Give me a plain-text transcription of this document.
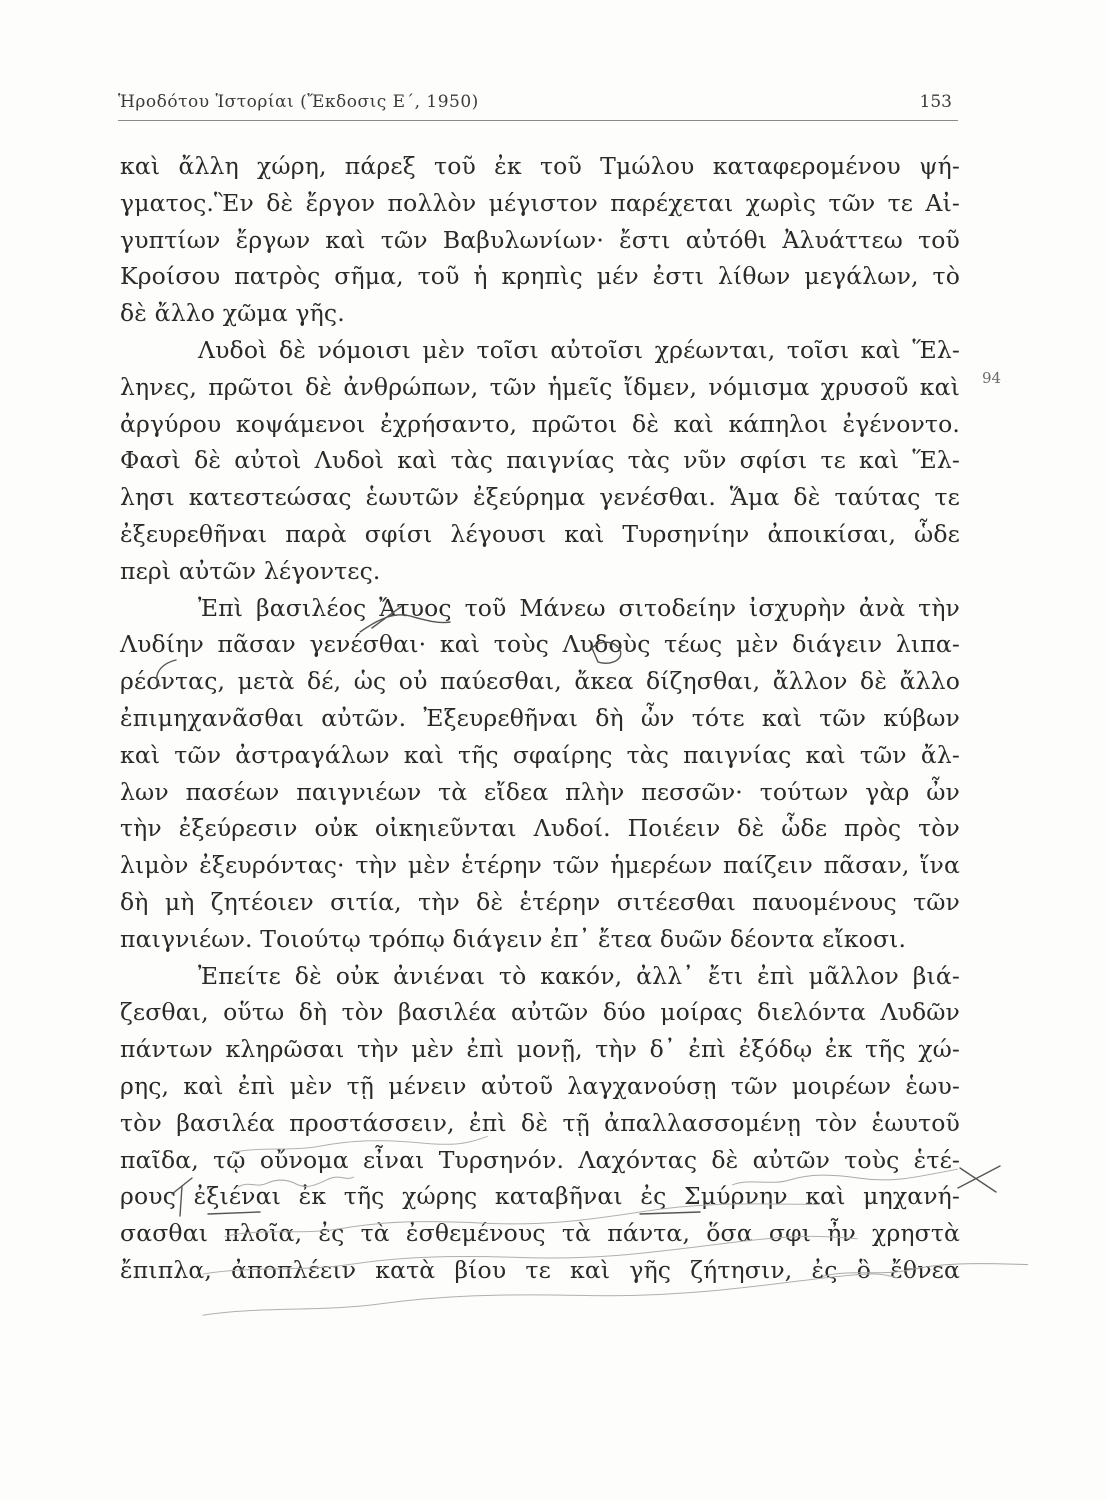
Ἡροδότου Ἱστορίαι (Ἔκδοσις Ε΄, 1950)	153
καὶ ἄλλη χώρη, πάρεξ τοῦ ἐκ τοῦ Τμώλου καταφερομένου ψή-
γματος.Ἓν δὲ ἔργον πολλὸν μέγιστον παρέχεται χωρὶς τῶν τε Αἰ-
γυπτίων ἔργων καὶ τῶν Βαβυλωνίων· ἔστι αὐτόθι Ἀλυάττεω τοῦ
Κροίσου πατρὸς σῆμα, τοῦ ἡ κρηπὶς μέν ἐστι λίθων μεγάλων, τὸ
δὲ ἄλλο χῶμα γῆς.
Λυδοὶ δὲ νόμοισι μὲν τοῖσι αὐτοῖσι χρέωνται, τοῖσι καὶ Ἕλ-
ληνες, πρῶτοι δὲ ἀνθρώπων, τῶν ἡμεῖς ἴδμεν, νόμισμα χρυσοῦ καὶ
ἀργύρου κοψάμενοι ἐχρήσαντο, πρῶτοι δὲ καὶ κάπηλοι ἐγένοντο.
Φασὶ δὲ αὐτοὶ Λυδοὶ καὶ τὰς παιγνίας τὰς νῦν σφίσι τε καὶ Ἕλ-
λησι κατεστεώσας ἑωυτῶν ἐξεύρημα γενέσθαι. Ἅμα δὲ ταύτας τε
ἐξευρεθῆναι παρὰ σφίσι λέγουσι καὶ Τυρσηνίην ἀποικίσαι, ὧδε
περὶ αὐτῶν λέγοντες.
Ἐπὶ βασιλέος Ἄτυος τοῦ Μάνεω σιτοδείην ἰσχυρὴν ἀνὰ τὴν
Λυδίην πᾶσαν γενέσθαι· καὶ τοὺς Λυδοὺς τέως μὲν διάγειν λιπα-
ρέοντας, μετὰ δέ, ὡς οὐ παύεσθαι, ἄκεα δίζησθαι, ἄλλον δὲ ἄλλο
ἐπιμηχανᾶσθαι αὐτῶν. Ἐξευρεθῆναι δὴ ὦν τότε καὶ τῶν κύβων
καὶ τῶν ἀστραγάλων καὶ τῆς σφαίρης τὰς παιγνίας καὶ τῶν ἄλ-
λων πασέων παιγνιέων τὰ εἴδεα πλὴν πεσσῶν· τούτων γὰρ ὦν
τὴν ἐξεύρεσιν οὐκ οἰκηιεῦνται Λυδοί. Ποιέειν δὲ ὧδε πρὸς τὸν
λιμὸν ἐξευρόντας· τὴν μὲν ἑτέρην τῶν ἡμερέων παίζειν πᾶσαν, ἵνα
δὴ μὴ ζητέοιεν σιτία, τὴν δὲ ἑτέρην σιτέεσθαι παυομένους τῶν
παιγνιέων. Τοιούτῳ τρόπῳ διάγειν ἐπ᾽ ἔτεα δυῶν δέοντα εἴκοσι.
Ἐπείτε δὲ οὐκ ἀνιέναι τὸ κακόν, ἀλλ᾽ ἔτι ἐπὶ μᾶλλον βιά-
ζεσθαι, οὕτω δὴ τὸν βασιλέα αὐτῶν δύο μοίρας διελόντα Λυδῶν
πάντων κληρῶσαι τὴν μὲν ἐπὶ μονῇ, τὴν δ᾽ ἐπὶ ἐξόδῳ ἐκ τῆς χώ-
ρης, καὶ ἐπὶ μὲν τῇ μένειν αὐτοῦ λαγχανούσῃ τῶν μοιρέων ἑωυ-
τὸν βασιλέα προστάσσειν, ἐπὶ δὲ τῇ ἀπαλλασσομένῃ τὸν ἑωυτοῦ
παῖδα, τῷ οὔνομα εἶναι Τυρσηνόν. Λαχόντας δὲ αὐτῶν τοὺς ἑτέ-
ρους ἐξιέναι ἐκ τῆς χώρης καταβῆναι ἐς Σμύρνην καὶ μηχανή-
σασθαι πλοῖα, ἐς τὰ ἐσθεμένους τὰ πάντα, ὅσα σφι ἦν χρηστὰ
ἔπιπλα, ἀποπλέειν κατὰ βίου τε καὶ γῆς ζήτησιν, ἐς ὃ ἔθνεα
94
